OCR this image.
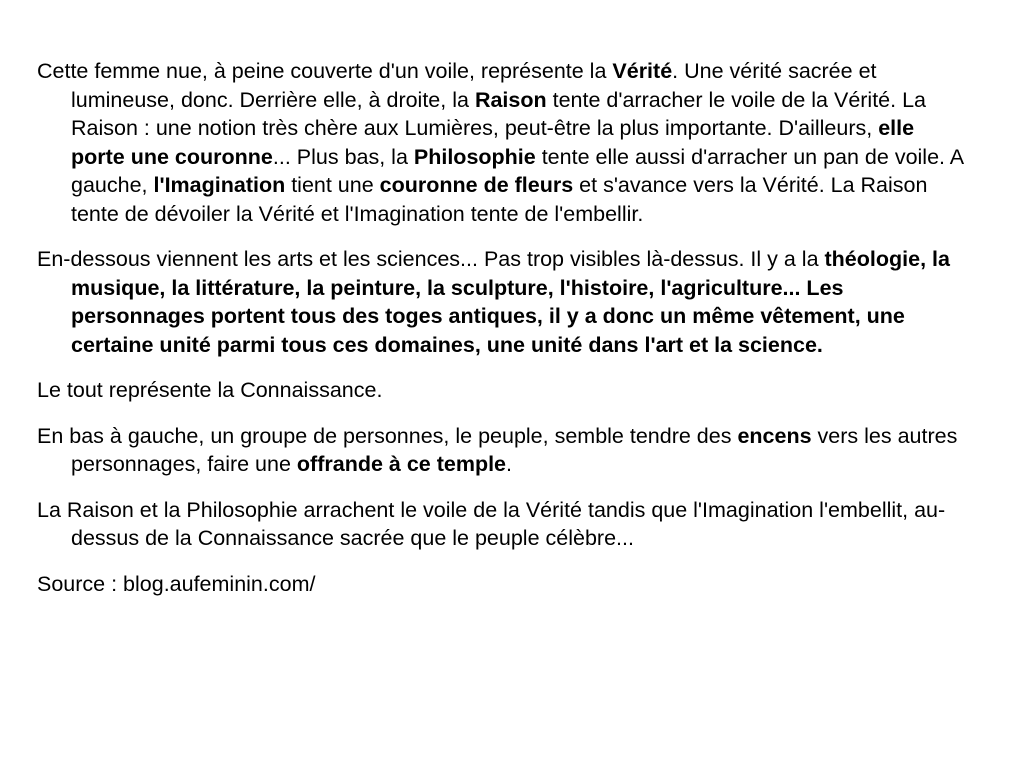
Cette femme nue, à peine couverte d'un voile, représente la Vérité. Une vérité sacrée et lumineuse, donc. Derrière elle, à droite, la Raison tente d'arracher le voile de la Vérité. La Raison : une notion très chère aux Lumières, peut-être la plus importante. D'ailleurs, elle porte une couronne... Plus bas, la Philosophie tente elle aussi d'arracher un pan de voile. A gauche, l'Imagination tient une couronne de fleurs et s'avance vers la Vérité. La Raison tente de dévoiler la Vérité et l'Imagination tente de l'embellir.

En-dessous viennent les arts et les sciences... Pas trop visibles là-dessus. Il y a la théologie, la musique, la littérature, la peinture, la sculpture, l'histoire, l'agriculture... Les personnages portent tous des toges antiques, il y a donc un même vêtement, une certaine unité parmi tous ces domaines, une unité dans l'art et la science.

Le tout représente la Connaissance.

En bas à gauche, un groupe de personnes, le peuple, semble tendre des encens vers les autres personnages, faire une offrande à ce temple.

La Raison et la Philosophie arrachent le voile de la Vérité tandis que l'Imagination l'embellit, au-dessus de la Connaissance sacrée que le peuple célèbre...

Source : blog.aufeminin.com/
